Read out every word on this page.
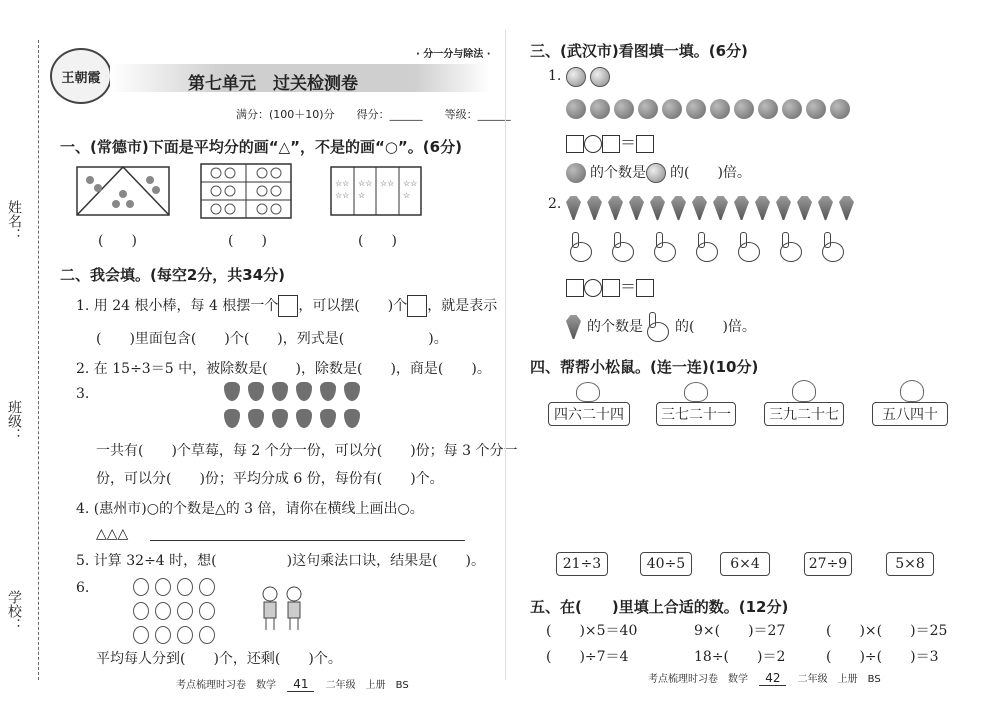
姓名：
班级：
学校：
王朝霞	第七单元　过关检测卷
· 分一分与除法 ·
满分：(100＋10)分　　得分：______　　等级：______
一、(常德市)下面是平均分的画“△”，不是的画“○”。(6分)
☆☆
☆☆
☆☆
☆
☆☆ ☆☆
☆
(　　)	(　　)	(　　)
二、我会填。(每空2分，共34分)
1. 用 24 根小棒，每 4 根摆一个 ，可以摆(　　)个 ，就是表示
(　　)里面包含(　　)个(　　)，列式是(　　　　　　)。
2. 在 15÷3＝5 中，被除数是(　　)，除数是(　　)，商是(　　)。
3.

一共有(　　)个草莓，每 2 个分一份，可以分(　　)份；每 3 个分一
份，可以分(　　)份；平均分成 6 份，每份有(　　)个。
4. (惠州市)○的个数是△的 3 倍，请你在横线上画出○。
△△△
5. 计算 32÷4 时，想(　　　　　)这句乘法口诀，结果是(　　)。
6.

平均每人分到(　　)个，还剩(　　)个。
考点梳理时习卷　数学 41 二年级　上册　BS
三、(武汉市)看图填一填。(6分)
1.
＝
的个数是 的(　　)倍。
2.
＝
的个数是 的(　　)倍。
四、帮帮小松鼠。(连一连)(10分)
四六二十四	三七二十一	三九二十七	五八四十
21÷3	40÷5	6×4	27÷9	5×8
五、在(　　)里填上合适的数。(12分)
(　　)×5＝40	9×(　　)＝27	(　　)×(　　)＝25
(　　)÷7＝4	18÷(　　)＝2	(　　)÷(　　)＝3
考点梳理时习卷　数学 42 二年级　上册　BS
